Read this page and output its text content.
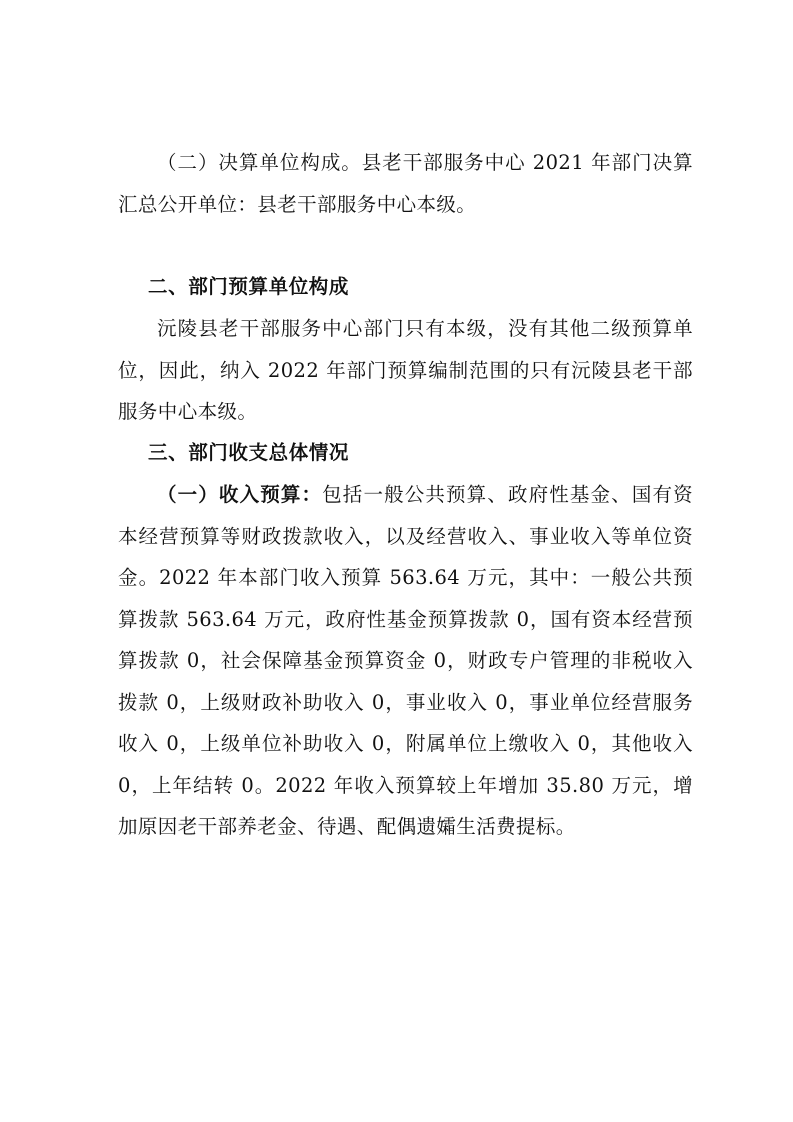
（二）决算单位构成。县老干部服务中心 2021 年部门决算汇总公开单位：县老干部服务中心本级。

二、部门预算单位构成

沅陵县老干部服务中心部门只有本级，没有其他二级预算单位，因此，纳入 2022 年部门预算编制范围的只有沅陵县老干部服务中心本级。

三、部门收支总体情况

（一）收入预算：包括一般公共预算、政府性基金、国有资本经营预算等财政拨款收入，以及经营收入、事业收入等单位资金。2022 年本部门收入预算 563.64 万元，其中：一般公共预算拨款 563.64 万元，政府性基金预算拨款 0，国有资本经营预算拨款 0，社会保障基金预算资金 0，财政专户管理的非税收入拨款 0，上级财政补助收入 0，事业收入 0，事业单位经营服务收入 0，上级单位补助收入 0，附属单位上缴收入 0，其他收入 0，上年结转 0。2022 年收入预算较上年增加 35.80 万元，增加原因老干部养老金、待遇、配偶遗孀生活费提标。
